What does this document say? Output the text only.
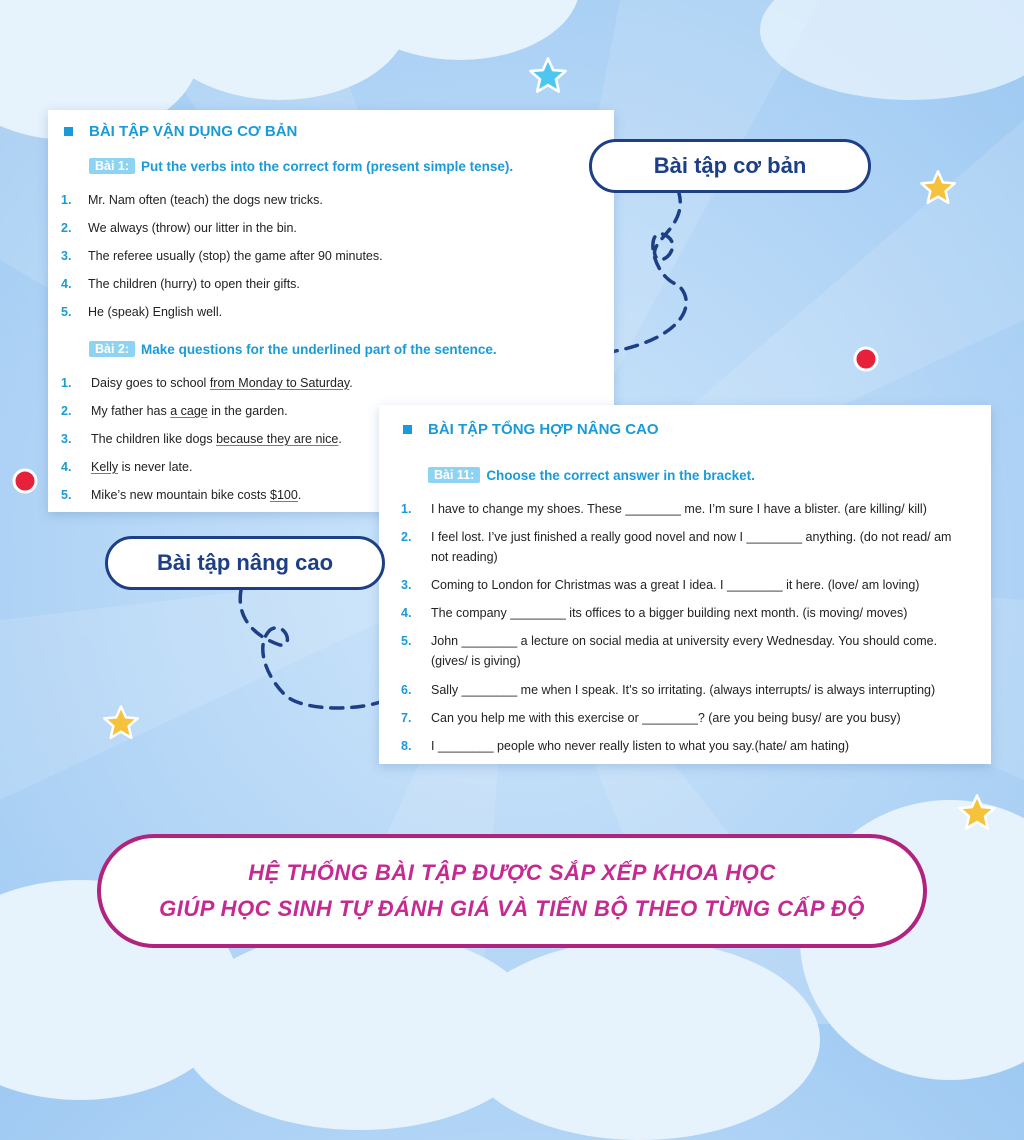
BÀI TẬP VẬN DỤNG CƠ BẢN
Bài 1: Put the verbs into the correct form (present simple tense).
1.	Mr. Nam often (teach) the dogs new tricks.
2.	We always (throw) our litter in the bin.
3.	The referee usually (stop) the game after 90 minutes.
4.	The children (hurry) to open their gifts.
5.	He (speak) English well.
Bài 2: Make questions for the underlined part of the sentence.
1.	Daisy goes to school from Monday to Saturday.
2.	My father has a cage in the garden.
3.	The children like dogs because they are nice.
4.	Kelly is never late.
5.	Mike’s new mountain bike costs $100.
BÀI TẬP TỔNG HỢP NÂNG CAO
Bài 11: Choose the correct answer in the bracket.
1.	I have to change my shoes. These ________ me. I’m sure I have a blister. (are killing/ kill)
2.	I feel lost. I’ve just finished a really good novel and now I ________ anything. (do not read/ am not reading)
3.	Coming to London for Christmas was a great I idea. I ________ it here. (love/ am loving)
4.	The company ________ its offices to a bigger building next month. (is moving/ moves)
5.	John ________ a lecture on social media at university every Wednesday. You should come. (gives/ is giving)
6.	Sally ________ me when I speak. It’s so irritating. (always interrupts/ is always interrupting)
7.	Can you help me with this exercise or ________? (are you being busy/ are you busy)
8.	I ________ people who never really listen to what you say.(hate/ am hating)
Bài tập cơ bản
Bài tập nâng cao
HỆ THỐNG BÀI TẬP ĐƯỢC SẮP XẾP KHOA HỌC
GIÚP HỌC SINH TỰ ĐÁNH GIÁ VÀ TIẾN BỘ THEO TỪNG CẤP ĐỘ
